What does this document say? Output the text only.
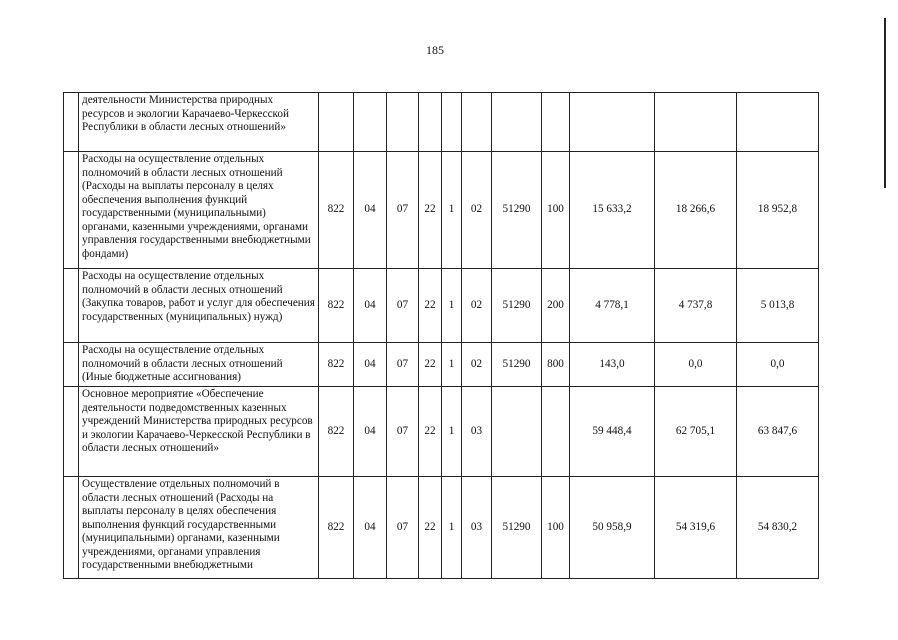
185
	деятельности Министерства природных ресурсов и экологии Карачаево-Черкесской Республики в области лесных отношений»											
	Расходы на осуществление отдельных полномочий в области лесных отношений (Расходы на выплаты персоналу в целях обеспечения выполнения функций государственными (муниципальными) органами, казенными учреждениями, органами управления государственными внебюджетными фондами)	822	04	07	22	1	02	51290	100	15 633,2	18 266,6	18 952,8
	Расходы на осуществление отдельных полномочий в области лесных отношений (Закупка товаров, работ и услуг для обеспечения государственных (муниципальных) нужд)	822	04	07	22	1	02	51290	200	4 778,1	4 737,8	5 013,8
	Расходы на осуществление отдельных полномочий в области лесных отношений (Иные бюджетные ассигнования)	822	04	07	22	1	02	51290	800	143,0	0,0	0,0
	Основное мероприятие «Обеспечение деятельности подведомственных казенных учреждений Министерства природных ресурсов и экологии Карачаево-Черкесской Республики в области лесных отношений»	822	04	07	22	1	03			59 448,4	62 705,1	63 847,6
	Осуществление отдельных полномочий в области лесных отношений (Расходы на выплаты персоналу в целях обеспечения выполнения функций государственными (муниципальными) органами, казенными учреждениями, органами управления государственными внебюджетными	822	04	07	22	1	03	51290	100	50 958,9	54 319,6	54 830,2
